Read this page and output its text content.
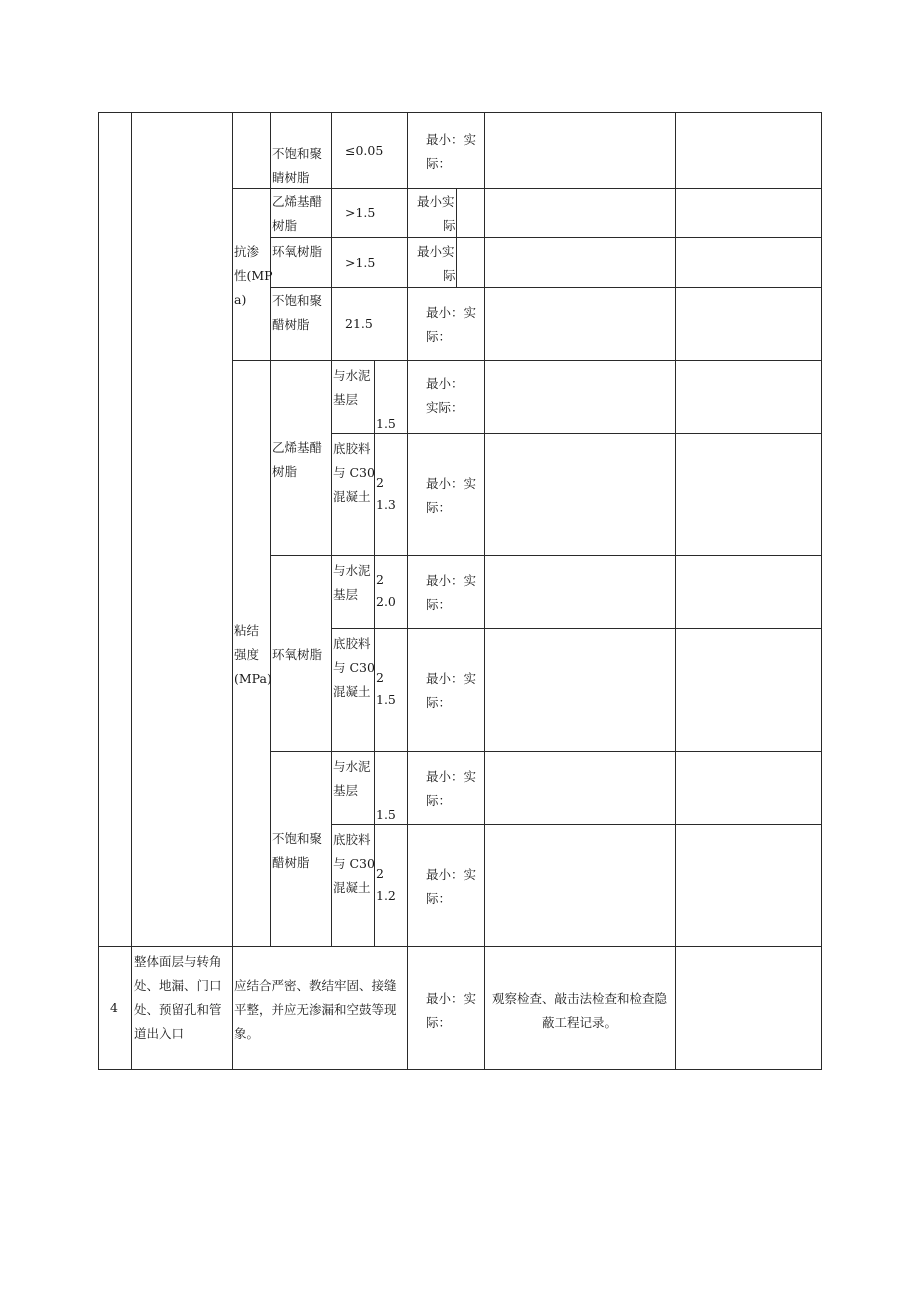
抗渗
性(MP
a)
不饱和聚
睛树脂
≤0.05
最小：实
际：
乙烯基醋
树脂
>1.5
最小实
际
环氧树脂
>1.5
最小实
际
不饱和聚
醋树脂	21.5
最小：实
际：
粘结
强度
(MPa)
乙烯基醋
树脂
与水泥
基层
1.5
最小：
实际：
底胶料
与 C30
混凝土
2
1.3
最小：实
际：
环氧树脂
与水泥
基层
2
2.0
最小：实
际：
底胶料
与 C30
混凝土
2
1.5
最小：实
际：
不饱和聚
醋树脂
与水泥
基层
1.5
最小：实
际：
底胶料
与 C30
混凝土
2
1.2
最小：实
际：
4
整体面层与转角
处、地漏、门口
处、预留孔和管
道出入口
应结合严密、教结牢固、接缝
平整，并应无渗漏和空鼓等现
象。
最小：实
际：
观察检查、敲击法检查和检查隐
蔽工程记录。
